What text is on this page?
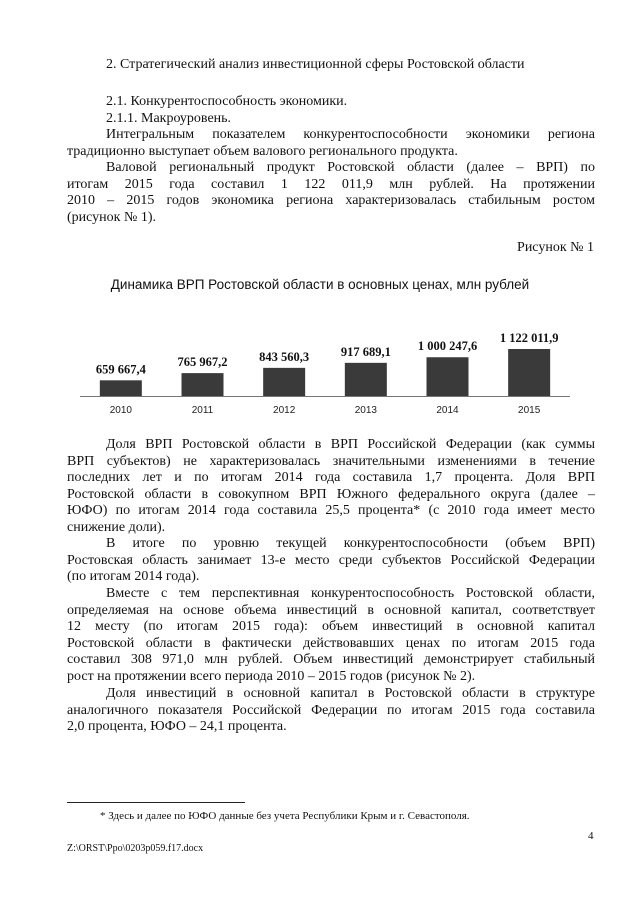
2. Стратегический анализ инвестиционной сферы Ростовской области
2.1. Конкурентоспособность экономики.
2.1.1. Макроуровень.
Интегральным показателем конкурентоспособности экономики региона
традиционно выступает объем валового регионального продукта.
Валовой региональный продукт Ростовской области (далее – ВРП) по
итогам 2015 года составил 1 122 011,9 млн рублей. На протяжении
2010 – 2015 годов экономика региона характеризовалась стабильным ростом
(рисунок № 1).
Рисунок № 1
Динамика ВРП Ростовской области в основных ценах, млн рублей
659 667,4
2010
765 967,2
2011
843 560,3
2012
917 689,1
2013
1 000 247,6
2014
1 122 011,9
2015
Доля ВРП Ростовской области в ВРП Российской Федерации (как суммы
ВРП субъектов) не характеризовалась значительными изменениями в течение
последних лет и по итогам 2014 года составила 1,7 процента. Доля ВРП
Ростовской области в совокупном ВРП Южного федерального округа (далее –
ЮФО) по итогам 2014 года составила 25,5 процента* (с 2010 года имеет место
снижение доли).
В итоге по уровню текущей конкурентоспособности (объем ВРП)
Ростовская область занимает 13-е место среди субъектов Российской Федерации
(по итогам 2014 года).
Вместе с тем перспективная конкурентоспособность Ростовской области,
определяемая на основе объема инвестиций в основной капитал, соответствует
12 месту (по итогам 2015 года): объем инвестиций в основной капитал
Ростовской области в фактически действовавших ценах по итогам 2015 года
составил 308 971,0 млн рублей. Объем инвестиций демонстрирует стабильный
рост на протяжении всего периода 2010 – 2015 годов (рисунок № 2).
Доля инвестиций в основной капитал в Ростовской области в структуре
аналогичного показателя Российской Федерации по итогам 2015 года составила
2,0 процента, ЮФО – 24,1 процента.
* Здесь и далее по ЮФО данные без учета Республики Крым и г. Севастополя.
4
Z:\ORST\Ppo\0203p059.f17.docx
